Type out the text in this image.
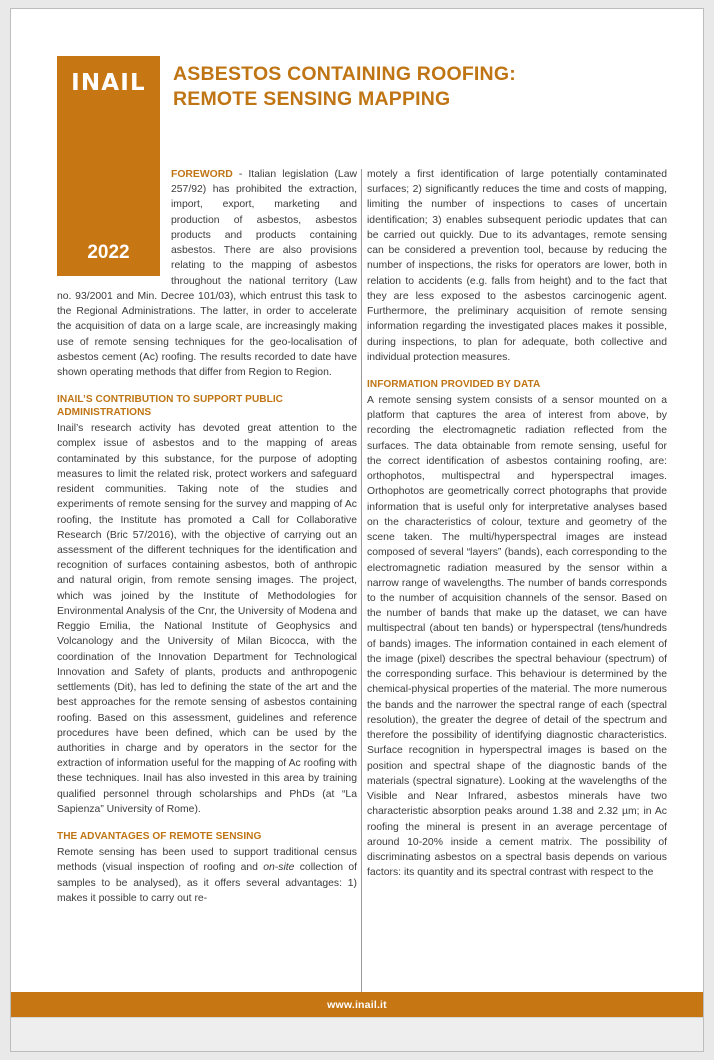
INAIL
2022
ASBESTOS CONTAINING ROOFING:
REMOTE SENSING MAPPING

FOREWORD - Italian legislation (Law 257/92) has prohibited the extraction, import, export, marketing and production of asbestos, asbestos products and products containing asbestos. There are also provisions relating to the mapping of asbestos throughout the national territory (Law no. 93/2001 and Min. Decree 101/03), which entrust this task to the Regional Administrations. The latter, in order to accelerate the acquisition of data on a large scale, are increasingly making use of remote sensing techniques for the geo-localisation of asbestos cement (Ac) roofing. The results recorded to date have shown operating methods that differ from Region to Region.

INAIL’S CONTRIBUTION TO SUPPORT PUBLIC ADMINISTRATIONS

Inail’s research activity has devoted great attention to the complex issue of asbestos and to the mapping of areas contaminated by this substance, for the purpose of adopting measures to limit the related risk, protect workers and safeguard resident communities. Taking note of the studies and experiments of remote sensing for the survey and mapping of Ac roofing, the Institute has promoted a Call for Collaborative Research (Bric 57/2016), with the objective of carrying out an assessment of the different techniques for the identification and recognition of surfaces containing asbestos, both of anthropic and natural origin, from remote sensing images. The project, which was joined by the Institute of Methodologies for Environmental Analysis of the Cnr, the University of Modena and Reggio Emilia, the National Institute of Geophysics and Volcanology and the University of Milan Bicocca, with the coordination of the Innovation Department for Technological Innovation and Safety of plants, products and anthropogenic settlements (Dit), has led to defining the state of the art and the best approaches for the remote sensing of asbestos containing roofing. Based on this assessment, guidelines and reference procedures have been defined, which can be used by the authorities in charge and by operators in the sector for the extraction of information useful for the mapping of Ac roofing with these techniques. Inail has also invested in this area by training qualified personnel through scholarships and PhDs (at “La Sapienza” University of Rome).

THE ADVANTAGES OF REMOTE SENSING

Remote sensing has been used to support traditional census methods (visual inspection of roofing and on-site collection of samples to be analysed), as it offers several advantages: 1) makes it possible to carry out re-

motely a first identification of large potentially contaminated surfaces; 2) significantly reduces the time and costs of mapping, limiting the number of inspections to cases of uncertain identification; 3) enables subsequent periodic updates that can be carried out quickly. Due to its advantages, remote sensing can be considered a prevention tool, because by reducing the number of inspections, the risks for operators are lower, both in relation to accidents (e.g. falls from height) and to the fact that they are less exposed to the asbestos carcinogenic agent. Furthermore, the preliminary acquisition of remote sensing information regarding the investigated places makes it possible, during inspections, to plan for adequate, both collective and individual protection measures.

INFORMATION PROVIDED BY DATA

A remote sensing system consists of a sensor mounted on a platform that captures the area of interest from above, by recording the electromagnetic radiation reflected from the surfaces. The data obtainable from remote sensing, useful for the correct identification of asbestos containing roofing, are: orthophotos, multispectral and hyperspectral images. Orthophotos are geometrically correct photographs that provide information that is useful only for interpretative analyses based on the characteristics of colour, texture and geometry of the scene taken. The multi/hyperspectral images are instead composed of several “layers” (bands), each corresponding to the electromagnetic radiation measured by the sensor within a narrow range of wavelengths. The number of bands corresponds to the number of acquisition channels of the sensor. Based on the number of bands that make up the dataset, we can have multispectral (about ten bands) or hyperspectral (tens/hundreds of bands) images. The information contained in each element of the image (pixel) describes the spectral behaviour (spectrum) of the corresponding surface. This behaviour is determined by the chemical-physical properties of the material. The more numerous the bands and the narrower the spectral range of each (spectral resolution), the greater the degree of detail of the spectrum and therefore the possibility of identifying diagnostic characteristics. Surface recognition in hyperspectral images is based on the position and spectral shape of the diagnostic bands of the materials (spectral signature). Looking at the wavelengths of the Visible and Near Infrared, asbestos minerals have two characteristic absorption peaks around 1.38 and 2.32 µm; in Ac roofing the mineral is present in an average percentage of around 10-20% inside a cement matrix. The possibility of discriminating asbestos on a spectral basis depends on various factors: its quantity and its spectral contrast with respect to the

www.inail.it
